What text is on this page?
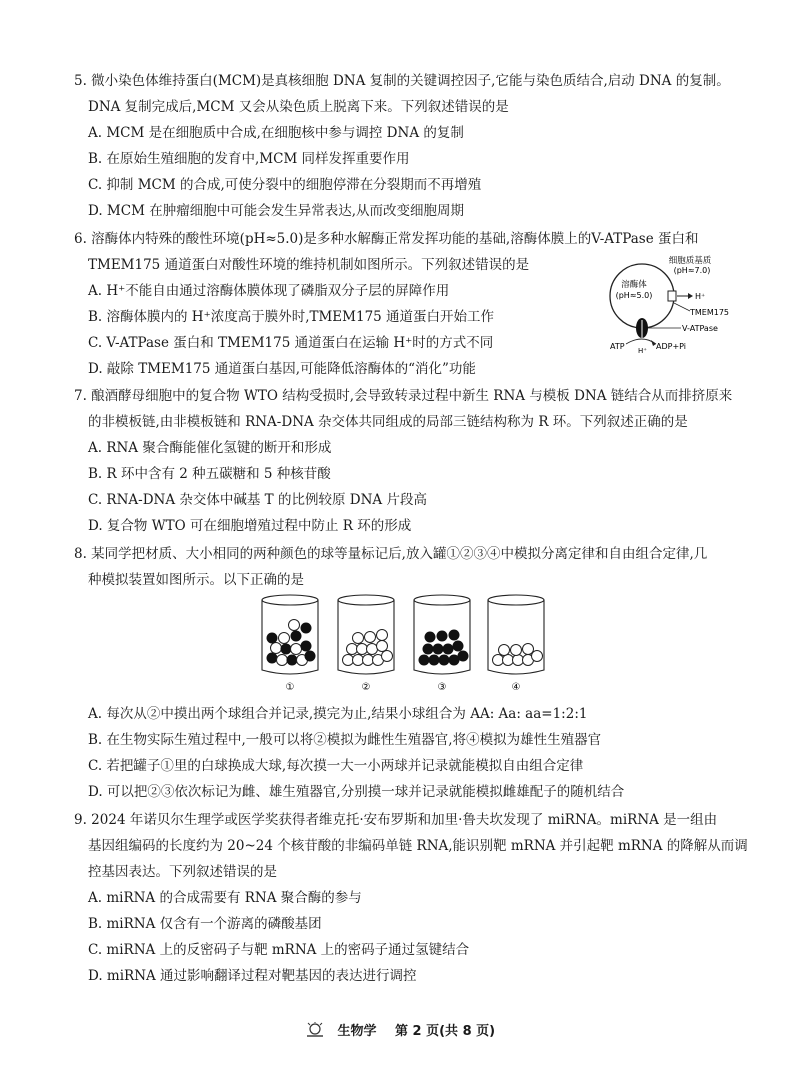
5. 微小染色体维持蛋白(MCM)是真核细胞 DNA 复制的关键调控因子,它能与染色质结合,启动 DNA 的复制。
DNA 复制完成后,MCM 又会从染色质上脱离下来。下列叙述错误的是
A. MCM 是在细胞质中合成,在细胞核中参与调控 DNA 的复制
B. 在原始生殖细胞的发育中,MCM 同样发挥重要作用
C. 抑制 MCM 的合成,可使分裂中的细胞停滞在分裂期而不再增殖
D. MCM 在肿瘤细胞中可能会发生异常表达,从而改变细胞周期
6. 溶酶体内特殊的酸性环境(pH≈5.0)是多种水解酶正常发挥功能的基础,溶酶体膜上的V-ATPase 蛋白和
TMEM175 通道蛋白对酸性环境的维持机制如图所示。下列叙述错误的是
A. H⁺不能自由通过溶酶体膜体现了磷脂双分子层的屏障作用
B. 溶酶体膜内的 H⁺浓度高于膜外时,TMEM175 通道蛋白开始工作
C. V-ATPase 蛋白和 TMEM175 通道蛋白在运输 H⁺时的方式不同
D. 敲除 TMEM175 通道蛋白基因,可能降低溶酶体的“消化”功能
细胞质基质
(pH≈7.0)
溶酶体
(pH≈5.0)	H⁺
TMEM175
V-ATPase
ATP H⁺ ADP+Pi
7. 酿酒酵母细胞中的复合物 WTO 结构受损时,会导致转录过程中新生 RNA 与模板 DNA 链结合从而排挤原来
的非模板链,由非模板链和 RNA-DNA 杂交体共同组成的局部三链结构称为 R 环。下列叙述正确的是
A. RNA 聚合酶能催化氢键的断开和形成
B. R 环中含有 2 种五碳糖和 5 种核苷酸
C. RNA-DNA 杂交体中碱基 T 的比例较原 DNA 片段高
D. 复合物 WTO 可在细胞增殖过程中防止 R 环的形成
8. 某同学把材质、大小相同的两种颜色的球等量标记后,放入罐①②③④中模拟分离定律和自由组合定律,几
种模拟装置如图所示。以下正确的是
①	②	③	④
A. 每次从②中摸出两个球组合并记录,摸完为止,结果小球组合为 AA: Aa: aa=1:2:1
B. 在生物实际生殖过程中,一般可以将②模拟为雌性生殖器官,将④模拟为雄性生殖器官
C. 若把罐子①里的白球换成大球,每次摸一大一小两球并记录就能模拟自由组合定律
D. 可以把②③依次标记为雌、雄生殖器官,分别摸一球并记录就能模拟雌雄配子的随机结合
9. 2024 年诺贝尔生理学或医学奖获得者维克托·安布罗斯和加里·鲁夫坎发现了 miRNA。miRNA 是一组由
基因组编码的长度约为 20~24 个核苷酸的非编码单链 RNA,能识别靶 mRNA 并引起靶 mRNA 的降解从而调
控基因表达。下列叙述错误的是
A. miRNA 的合成需要有 RNA 聚合酶的参与
B. miRNA 仅含有一个游离的磷酸基团
C. miRNA 上的反密码子与靶 mRNA 上的密码子通过氢键结合
D. miRNA 通过影响翻译过程对靶基因的表达进行调控
生物学 第 2 页(共 8 页)
